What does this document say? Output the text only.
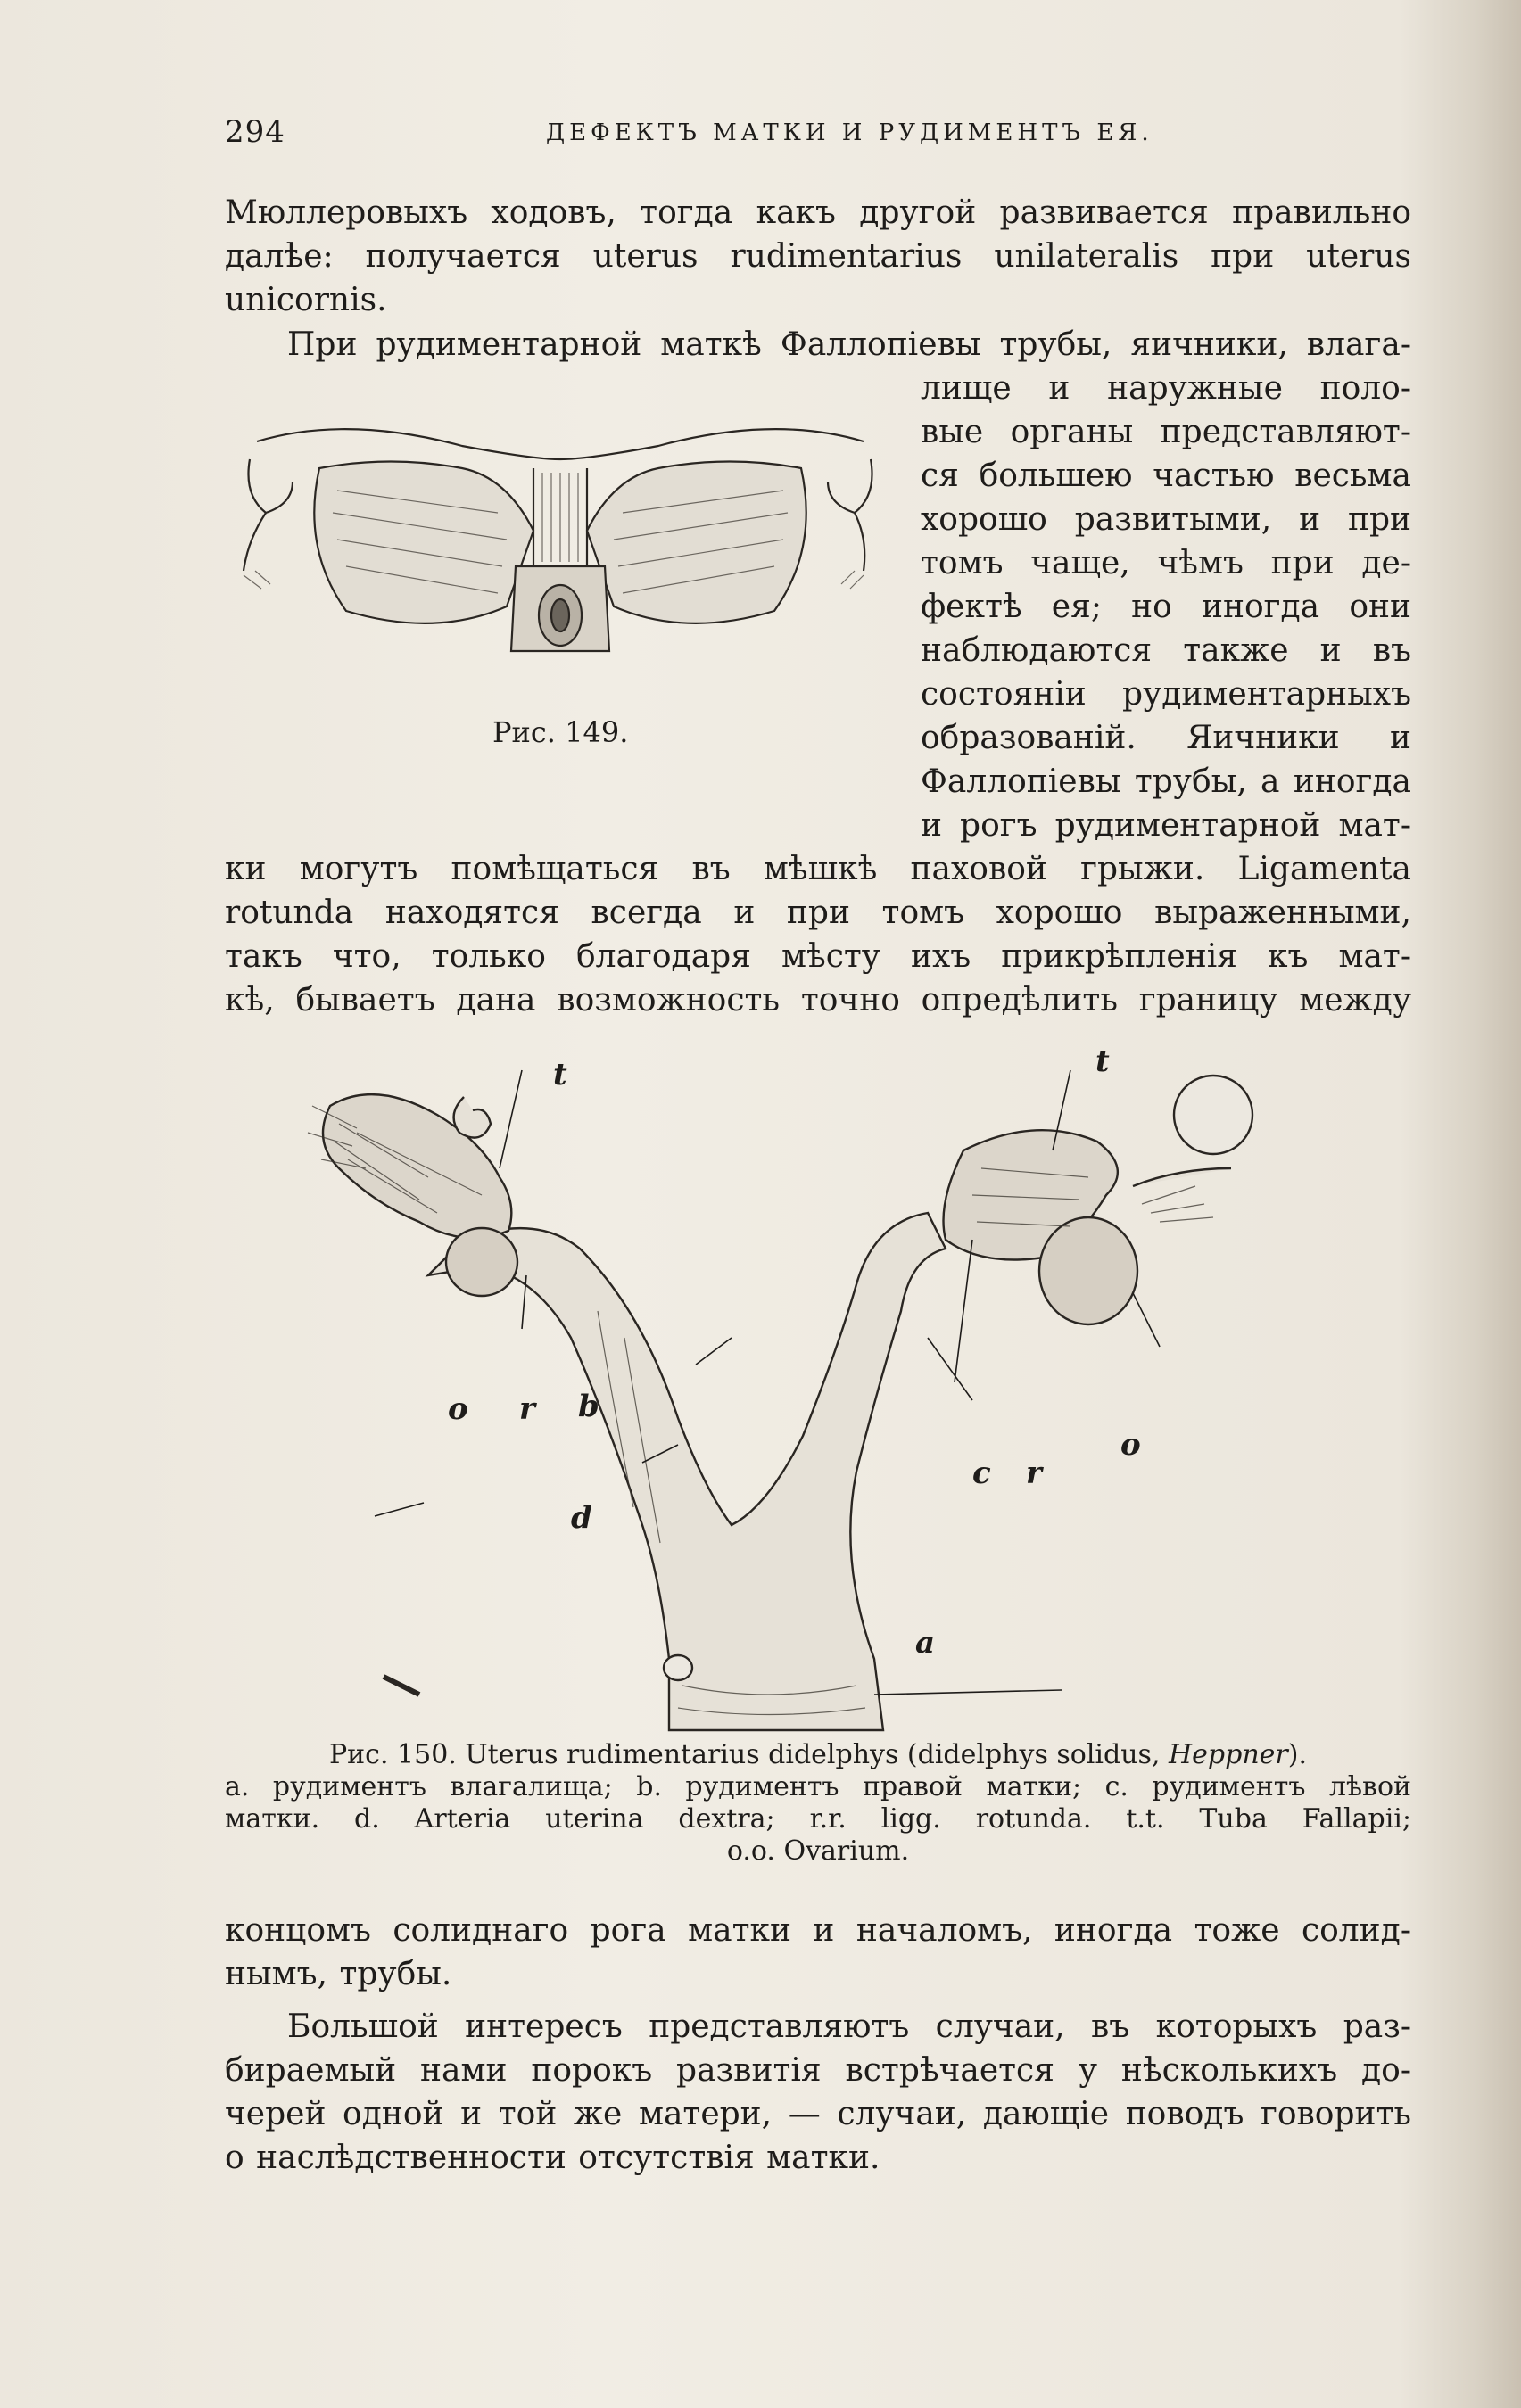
294	ДЕФЕКТЪ МАТКИ И РУДИМЕНТЪ ЕЯ.
Мюллеровыхъ ходовъ, тогда какъ другой развивается правильно
далѣе: получается uterus rudimentarius unilateralis при uterus
unicornis.
При рудиментарной маткѣ Фаллопіевы трубы, яичники, влага-
лище и наружные поло-
вые органы представляют-
ся большею частью весьма
хорошо развитыми, и при
томъ чаще, чѣмъ при де-
фектѣ ея; но иногда они
наблюдаются также и въ
состояніи рудиментарныхъ
образованій. Яичники и
Фаллопіевы трубы, а иногда
и рогъ рудиментарной мат-
Рис. 149.
ки могутъ помѣщаться въ мѣшкѣ паховой грыжи. Ligamenta
rotunda находятся всегда и при томъ хорошо выраженными,
такъ что, только благодаря мѣсту ихъ прикрѣпленія къ мат-
кѣ, бываетъ дана возможность точно опредѣлить границу между
t	t
o r b
c r
o
d
a
Рис. 150. Uterus rudimentarius didelphys (didelphys solidus, Heppner).
a. рудиментъ влагалища; b. рудиментъ правой матки; c. рудиментъ лѣвой
матки. d. Arteria uterina dextra; r.r. ligg. rotunda. t.t. Tuba Fallapii;
o.o. Ovarium.
концомъ солиднаго рога матки и началомъ, иногда тоже солид-
нымъ, трубы.
Большой интересъ представляютъ случаи, въ которыхъ раз-
бираемый нами порокъ развитія встрѣчается у нѣсколькихъ до-
черей одной и той же матери, — случаи, дающіе поводъ говорить
о наслѣдственности отсутствія матки.
